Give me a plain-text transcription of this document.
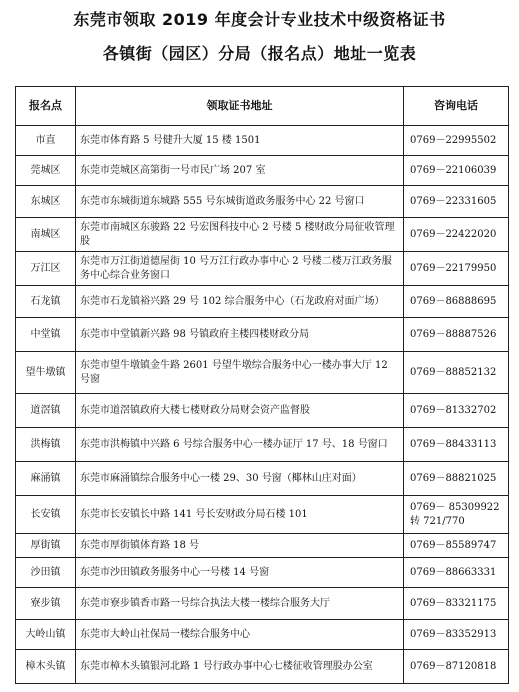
东莞市领取 2019 年度会计专业技术中级资格证书
各镇街（园区）分局（报名点）地址一览表
报名点	领取证书地址	咨询电话
市直	东莞市体育路 5 号健升大厦 15 楼 1501	0769－22995502
莞城区	东莞市莞城区高第街一号市民广场 207 室	0769－22106039
东城区	东莞市东城街道东城路 555 号东城街道政务服务中心 22 号窗口	0769－22331605
南城区	东莞市南城区东骏路 22 号宏图科技中心 2 号楼 5 楼财政分局征收管理股	0769－22422020
万江区	东莞市万江街道德屋街 10 号万江行政办事中心 2 号楼二楼万江政务服务中心综合业务窗口	0769－22179950
石龙镇	东莞市石龙镇裕兴路 29 号 102 综合服务中心（石龙政府对面广场）	0769－86888695
中堂镇	东莞市中堂镇新兴路 98 号镇政府主楼四楼财政分局	0769－88887526
望牛墩镇	东莞市望牛墩镇金牛路 2601 号望牛墩综合服务中心一楼办事大厅 12 号窗	0769－88852132
道滘镇	东莞市道滘镇政府大楼七楼财政分局财会资产监督股	0769－81332702
洪梅镇	东莞市洪梅镇中兴路 6 号综合服务中心一楼办证厅 17 号、18 号窗口	0769－88433113
麻涌镇	东莞市麻涌镇综合服务中心一楼 29、30 号窗（椰林山庄对面）	0769－88821025
长安镇	东莞市长安镇长中路 141 号长安财政分局石楼 101	0769－ 85309922 转 721/770
厚街镇	东莞市厚街镇体育路 18 号	0769－85589747
沙田镇	东莞市沙田镇政务服务中心一号楼 14 号窗	0769－88663331
寮步镇	东莞市寮步镇香市路一号综合执法大楼一楼综合服务大厅	0769－83321175
大岭山镇	东莞市大岭山社保局一楼综合服务中心	0769－83352913
樟木头镇	东莞市樟木头镇银河北路 1 号行政办事中心七楼征收管理股办公室	0769－87120818
